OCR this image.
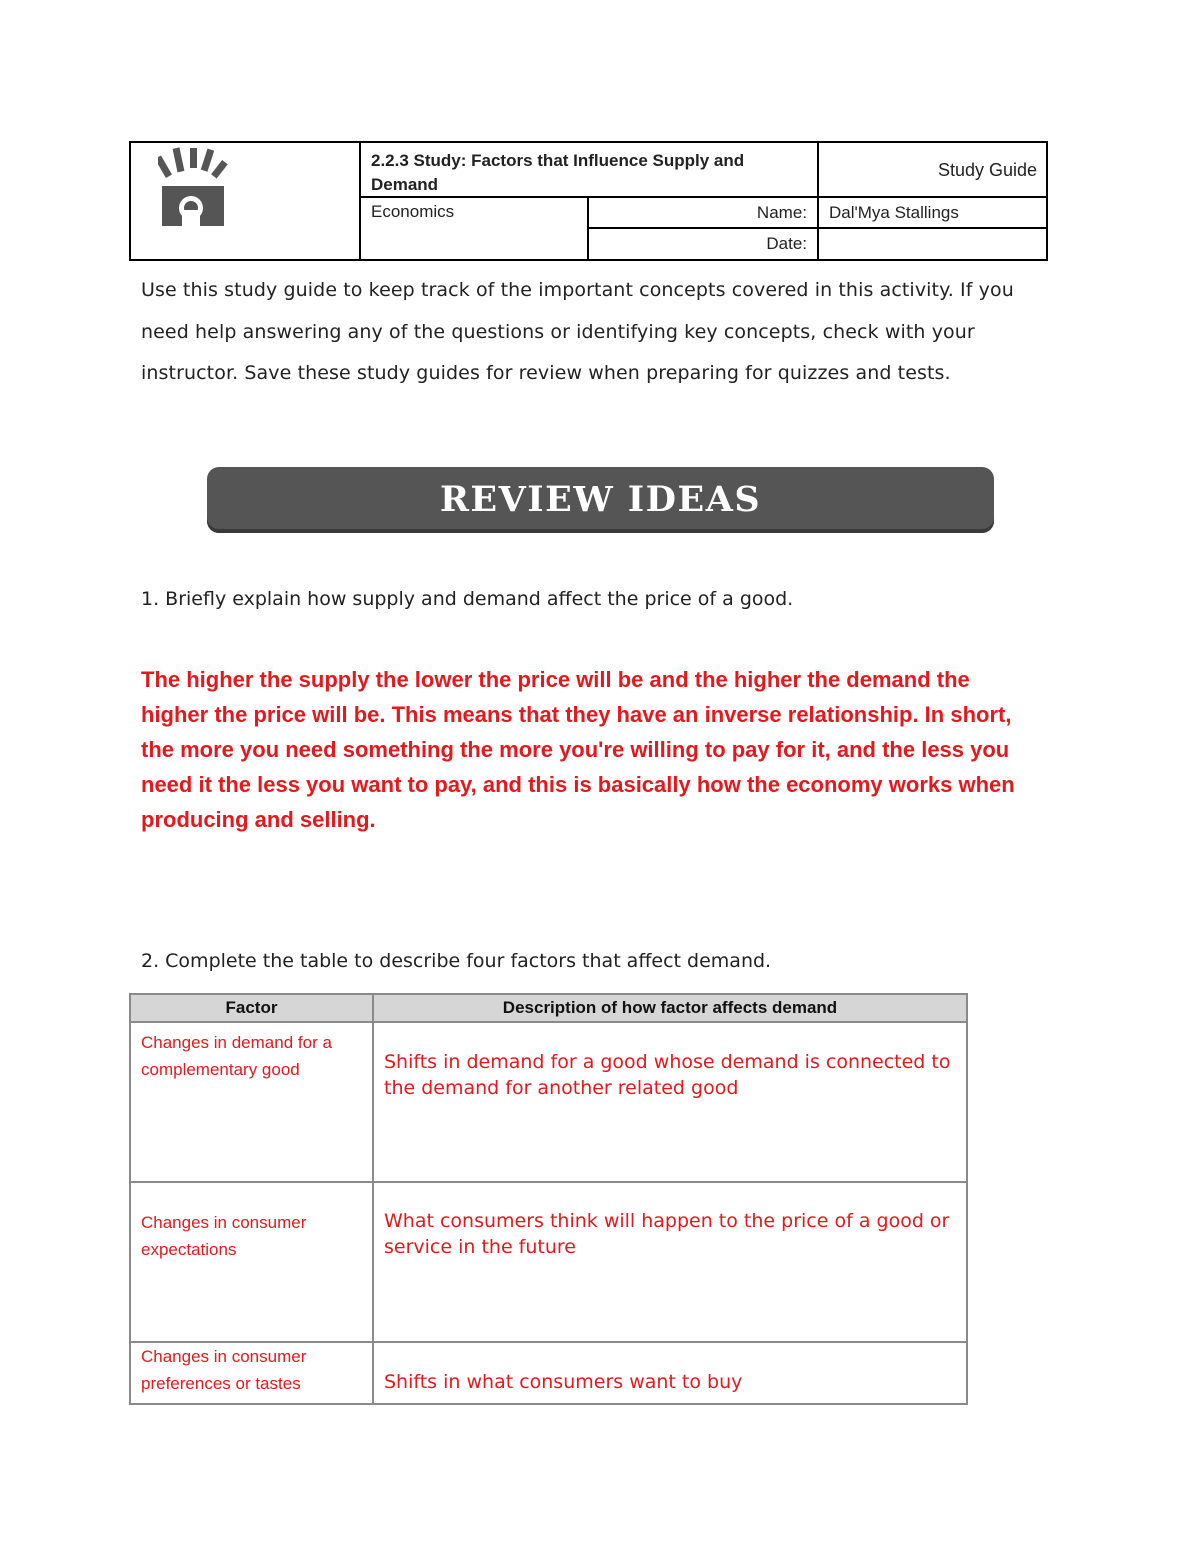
2.2.3 Study: Factors that Influence Supply and Demand
Study Guide
Economics	Name:	Dal'Mya Stallings
Date:
Use this study guide to keep track of the important concepts covered in this activity. If you need help answering any of the questions or identifying key concepts, check with your instructor. Save these study guides for review when preparing for quizzes and tests.
REVIEW IDEAS
1. Briefly explain how supply and demand affect the price of a good.
The higher the supply the lower the price will be and the higher the demand the higher the price will be. This means that they have an inverse relationship. In short, the more you need something the more you're willing to pay for it, and the less you need it the less you want to pay, and this is basically how the economy works when producing and selling.
2. Complete the table to describe four factors that affect demand.
Factor	Description of how factor affects demand
Changes in demand for a complementary good	Shifts in demand for a good whose demand is connected to the demand for another related good
Changes in consumer expectations	What consumers think will happen to the price of a good or service in the future
Changes in consumer preferences or tastes	Shifts in what consumers want to buy
